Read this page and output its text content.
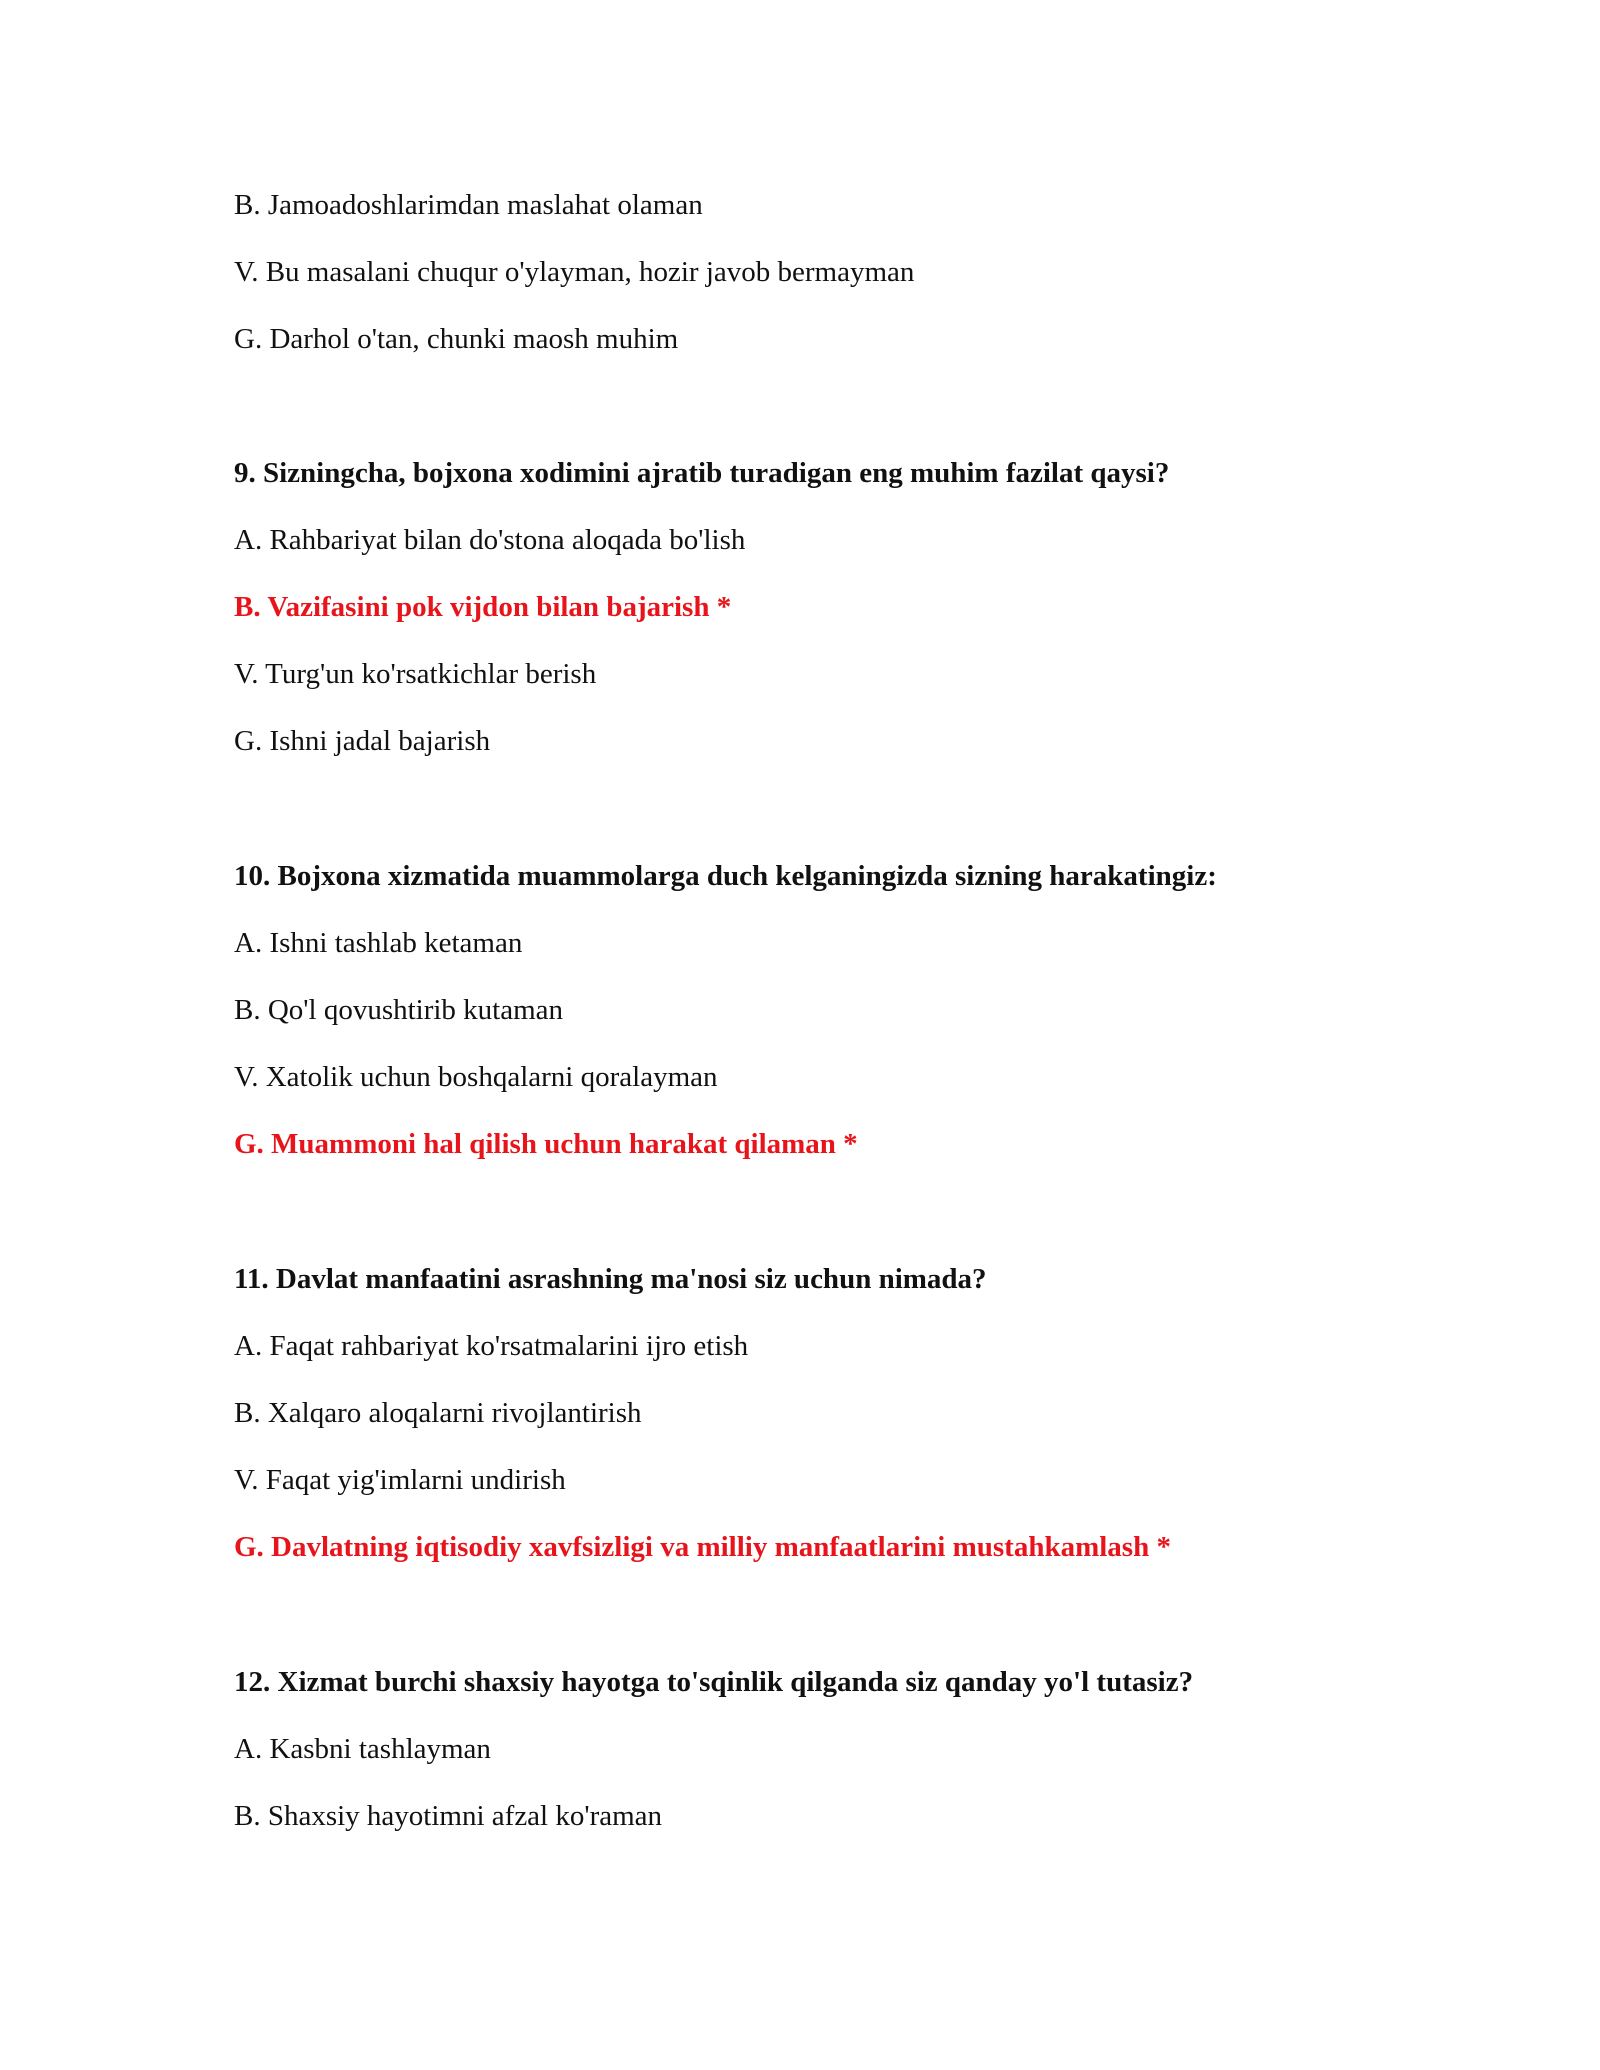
B. Jamoadoshlarimdan maslahat olaman

V. Bu masalani chuqur o'ylayman, hozir javob bermayman

G. Darhol o'tan, chunki maosh muhim

9. Sizningcha, bojxona xodimini ajratib turadigan eng muhim fazilat qaysi?

A. Rahbariyat bilan do'stona aloqada bo'lish

B. Vazifasini pok vijdon bilan bajarish *

V. Turg'un ko'rsatkichlar berish

G. Ishni jadal bajarish

10. Bojxona xizmatida muammolarga duch kelganingizda sizning harakatingiz:

A. Ishni tashlab ketaman

B. Qo'l qovushtirib kutaman

V. Xatolik uchun boshqalarni qoralayman

G. Muammoni hal qilish uchun harakat qilaman *

11. Davlat manfaatini asrashning ma'nosi siz uchun nimada?

A. Faqat rahbariyat ko'rsatmalarini ijro etish

B. Xalqaro aloqalarni rivojlantirish

V. Faqat yig'imlarni undirish

G. Davlatning iqtisodiy xavfsizligi va milliy manfaatlarini mustahkamlash *

12. Xizmat burchi shaxsiy hayotga to'sqinlik qilganda siz qanday yo'l tutasiz?

A. Kasbni tashlayman

B. Shaxsiy hayotimni afzal ko'raman
